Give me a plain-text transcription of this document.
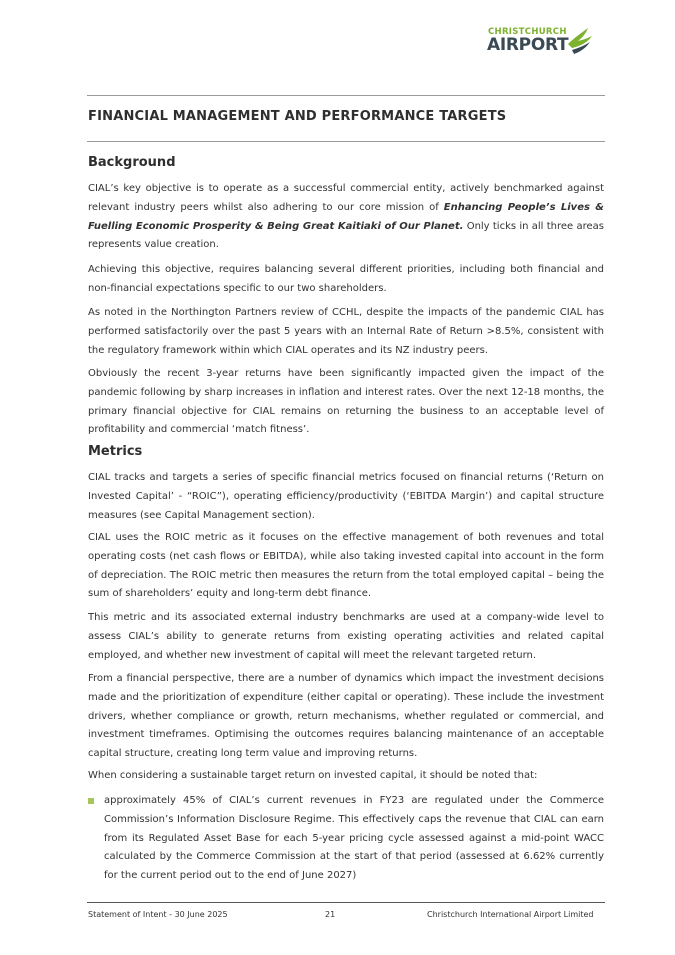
CHRISTCHURCH
AIRPORT
FINANCIAL MANAGEMENT AND PERFORMANCE TARGETS
Background
CIAL’s key objective is to operate as a successful commercial entity, actively benchmarked against relevant industry peers whilst also adhering to our core mission of Enhancing People’s Lives & Fuelling Economic Prosperity & Being Great Kaitiaki of Our Planet. Only ticks in all three areas represents value creation.
Achieving this objective, requires balancing several different priorities, including both financial and non-financial expectations specific to our two shareholders.
As noted in the Northington Partners review of CCHL, despite the impacts of the pandemic CIAL has performed satisfactorily over the past 5 years with an Internal Rate of Return >8.5%, consistent with the regulatory framework within which CIAL operates and its NZ industry peers.
Obviously the recent 3-year returns have been significantly impacted given the impact of the pandemic following by sharp increases in inflation and interest rates. Over the next 12-18 months, the primary financial objective for CIAL remains on returning the business to an acceptable level of profitability and commercial ‘match fitness’.
Metrics
CIAL tracks and targets a series of specific financial metrics focused on financial returns (‘Return on Invested Capital’ - “ROIC”), operating efficiency/productivity (‘EBITDA Margin’) and capital structure measures (see Capital Management section).
CIAL uses the ROIC metric as it focuses on the effective management of both revenues and total operating costs (net cash flows or EBITDA), while also taking invested capital into account in the form of depreciation. The ROIC metric then measures the return from the total employed capital – being the sum of shareholders’ equity and long-term debt finance.
This metric and its associated external industry benchmarks are used at a company-wide level to assess CIAL’s ability to generate returns from existing operating activities and related capital employed, and whether new investment of capital will meet the relevant targeted return.
From a financial perspective, there are a number of dynamics which impact the investment decisions made and the prioritization of expenditure (either capital or operating). These include the investment drivers, whether compliance or growth, return mechanisms, whether regulated or commercial, and investment timeframes. Optimising the outcomes requires balancing maintenance of an acceptable capital structure, creating long term value and improving returns.
When considering a sustainable target return on invested capital, it should be noted that:
approximately 45% of CIAL’s current revenues in FY23 are regulated under the Commerce Commission’s Information Disclosure Regime. This effectively caps the revenue that CIAL can earn from its Regulated Asset Base for each 5-year pricing cycle assessed against a mid-point WACC calculated by the Commerce Commission at the start of that period (assessed at 6.62% currently for the current period out to the end of June 2027)
Statement of Intent - 30 June 2025	21	Christchurch International Airport Limited
